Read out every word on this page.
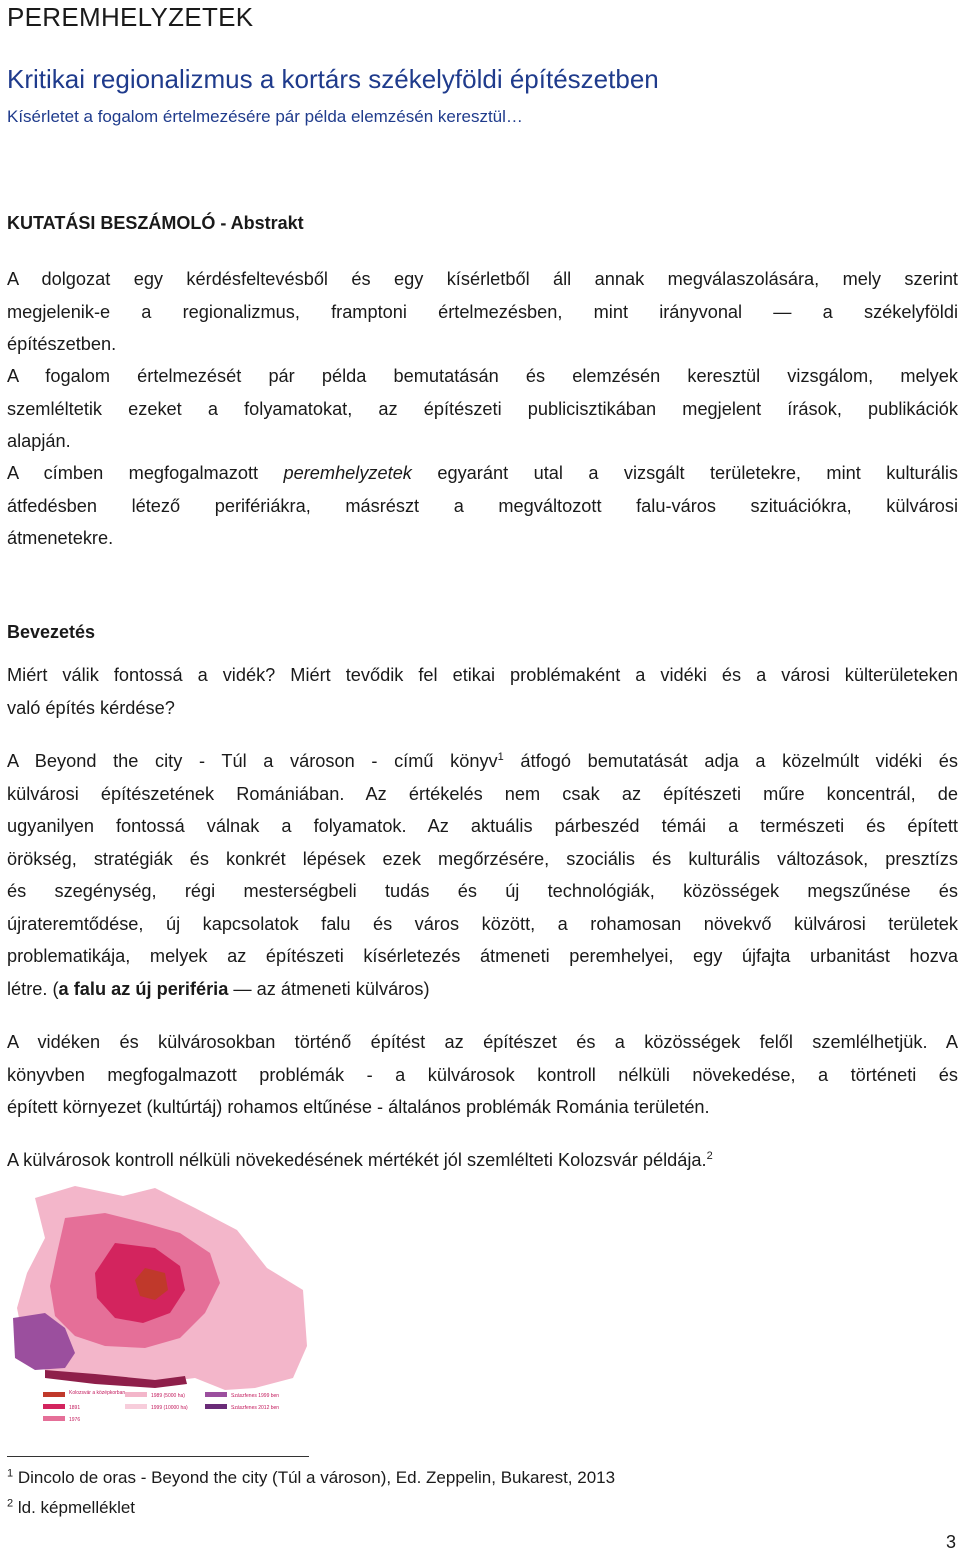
PEREMHELYZETEK
Kritikai regionalizmus a kortárs székelyföldi építészetben
Kísérletet a fogalom értelmezésére pár példa elemzésén keresztül…
KUTATÁSI BESZÁMOLÓ - Abstrakt
A dolgozat egy kérdésfeltevésből és egy kísérletből áll annak megválaszolására, mely szerint
megjelenik-e a regionalizmus, framptoni értelmezésben, mint irányvonal — a székelyföldi
építészetben.
A fogalom értelmezését pár példa bemutatásán és elemzésén keresztül vizsgálom, melyek
szemléltetik ezeket a folyamatokat, az építészeti publicisztikában megjelent írások, publikációk
alapján.
A címben megfogalmazott peremhelyzetek egyaránt utal a vizsgált területekre, mint kulturális
átfedésben létező perifériákra, másrészt a megváltozott falu-város szituációkra, külvárosi
átmenetekre.
Bevezetés
Miért válik fontossá a vidék? Miért tevődik fel etikai problémaként a vidéki és a városi külterületeken
való építés kérdése?
A Beyond the city - Túl a városon - című könyv$^1$ átfogó bemutatását adja a közelmúlt vidéki és
külvárosi építészetének Romániában. Az értékelés nem csak az építészeti műre koncentrál, de
ugyanilyen fontossá válnak a folyamatok. Az aktuális párbeszéd témái a természeti és épített
örökség, stratégiák és konkrét lépések ezek megőrzésére, szociális és kulturális változások, presztízs
és szegénység, régi mesterségbeli tudás és új technológiák, közösségek megszűnése és
újrateremtődése, új kapcsolatok falu és város között, a rohamosan növekvő külvárosi területek
problematikája, melyek az építészeti kísérletezés átmeneti peremhelyei, egy újfajta urbanitást hozva
létre. (a falu az új periféria — az átmeneti külváros)
A vidéken és külvárosokban történő építést az építészet és a közösségek felől szemlélhetjük. A
könyvben megfogalmazott problémák - a külvárosok kontroll nélküli növekedése, a történeti és
épített környezet (kultúrtáj) rohamos eltűnése - általános problémák Románia területén.
A külvárosok kontroll nélküli növekedésének mértékét jól szemlélteti Kolozsvár példája.$^2$
Kolozsvár a középkorban
1891
1976
1989 (5000 ha)
1999 (10000 ha)
Szászfenes 1999 ben
Szászfenes 2012 ben
$^1$ Dincolo de oras - Beyond the city (Túl a városon), Ed. Zeppelin, Bukarest, 2013
$^2$ ld. képmelléklet
3
